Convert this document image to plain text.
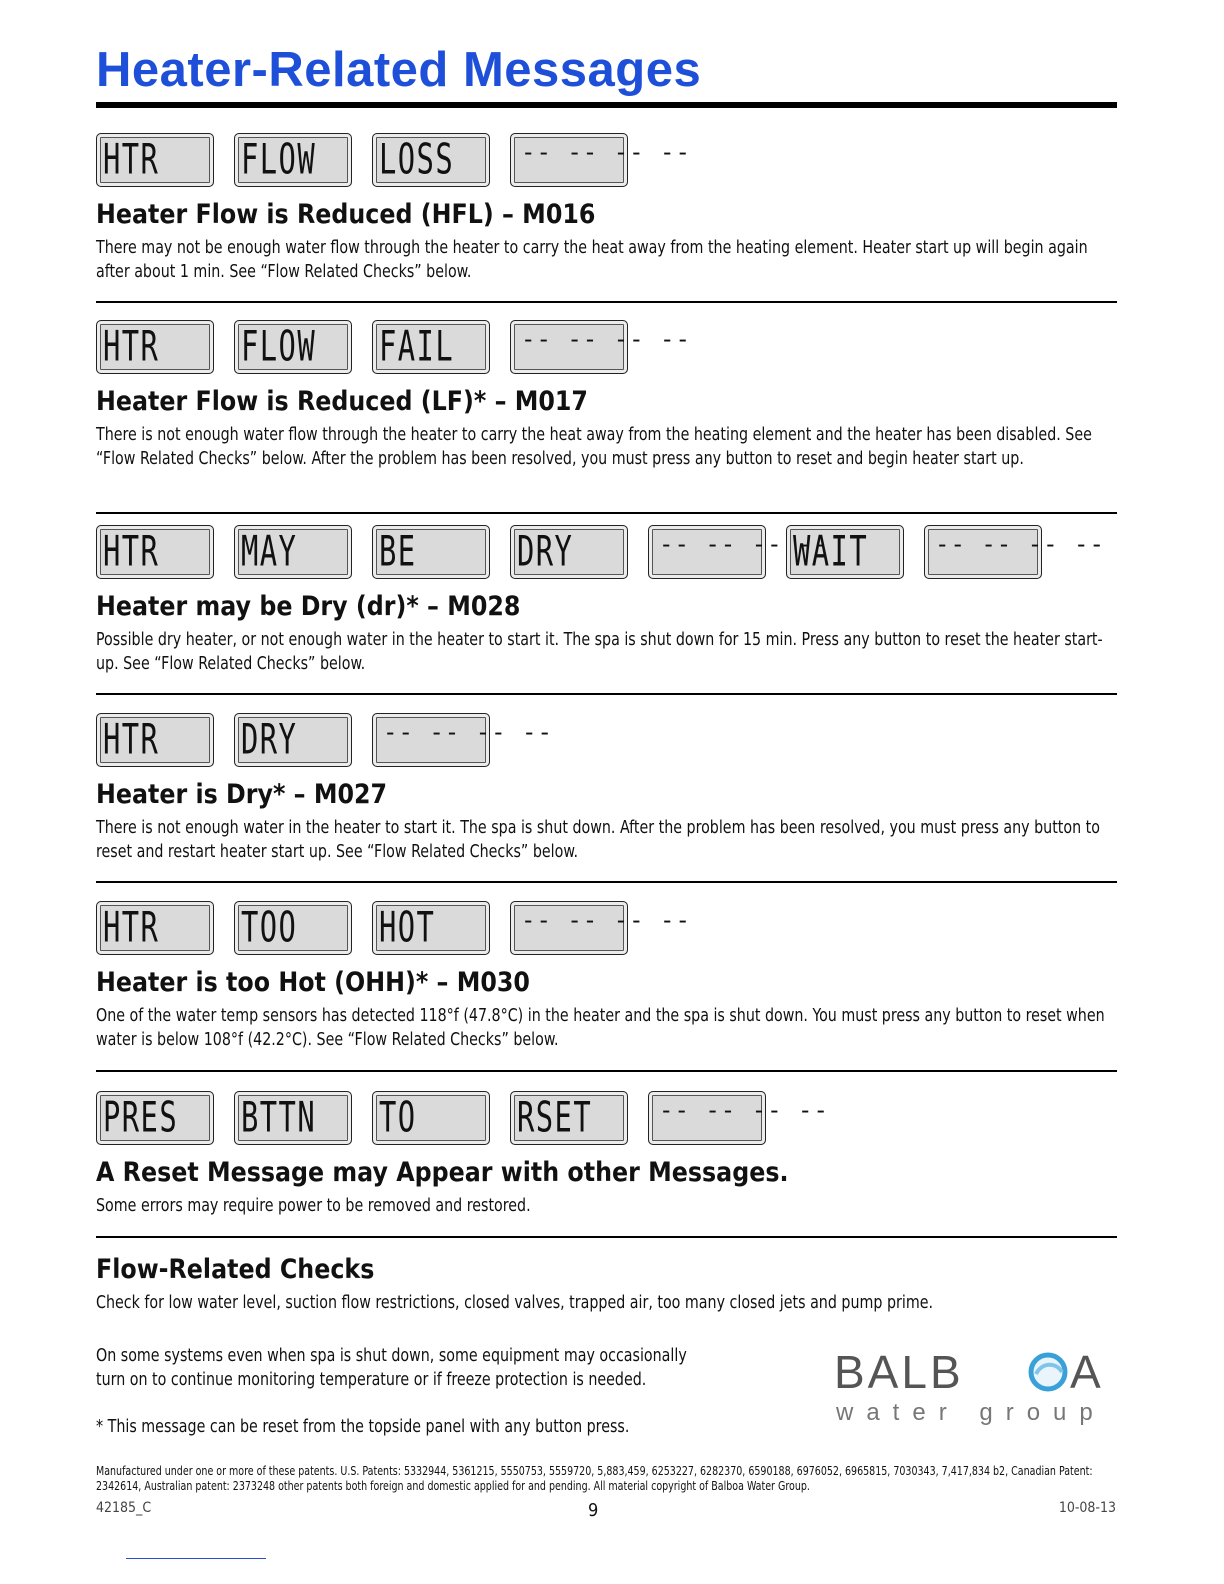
Heater-Related Messages
HTR FLOW LOSS	-- -- -- --
Heater Flow is Reduced (HFL) – M016

There may not be enough water flow through the heater to carry the heat away from the heating element. Heater start up will begin again after about 1 min. See “Flow Related Checks” below.

HTR FLOW FAIL	-- -- -- --
Heater Flow is Reduced (LF)* – M017

There is not enough water flow through the heater to carry the heat away from the heating element and the heater has been disabled. See “Flow Related Checks” below. After the problem has been resolved, you must press any button to reset and begin heater start up.

HTR MAY BE	DRY	-- -- -- --
WAIT	-- -- -- --
Heater may be Dry (dr)* – M028

Possible dry heater, or not enough water in the heater to start it. The spa is shut down for 15 min. Press any button to reset the heater start-up. See “Flow Related Checks” below.

HTR DRY	-- -- -- --
Heater is Dry* – M027

There is not enough water in the heater to start it. The spa is shut down. After the problem has been resolved, you must press any button to reset and restart heater start up. See “Flow Related Checks” below.

HTR TOO HOT	-- -- -- --
Heater is too Hot (OHH)* – M030

One of the water temp sensors has detected 118°f (47.8°C) in the heater and the spa is shut down. You must press any button to reset when water is below 108°f (42.2°C). See “Flow Related Checks” below.

PRES BTTN TO	RSET	-- -- -- --
A Reset Message may Appear with other Messages.

Some errors may require power to be removed and restored.

Flow-Related Checks

Check for low water level, suction flow restrictions, closed valves, trapped air, too many closed jets and pump prime.

On some systems even when spa is shut down, some equipment may occasionally

turn on to continue monitoring temperature or if freeze protection is needed.

* This message can be reset from the topside panel with any button press.

BALB A
water group
Manufactured under one or more of these patents. U.S. Patents: 5332944, 5361215, 5550753, 5559720, 5,883,459, 6253227, 6282370, 6590188, 6976052, 6965815, 7030343, 7,417,834 b2, Canadian Patent: 2342614, Australian patent: 2373248 other patents both foreign and domestic applied for and pending. All material copyright of Balboa Water Group.
42185_C	9	10-08-13
